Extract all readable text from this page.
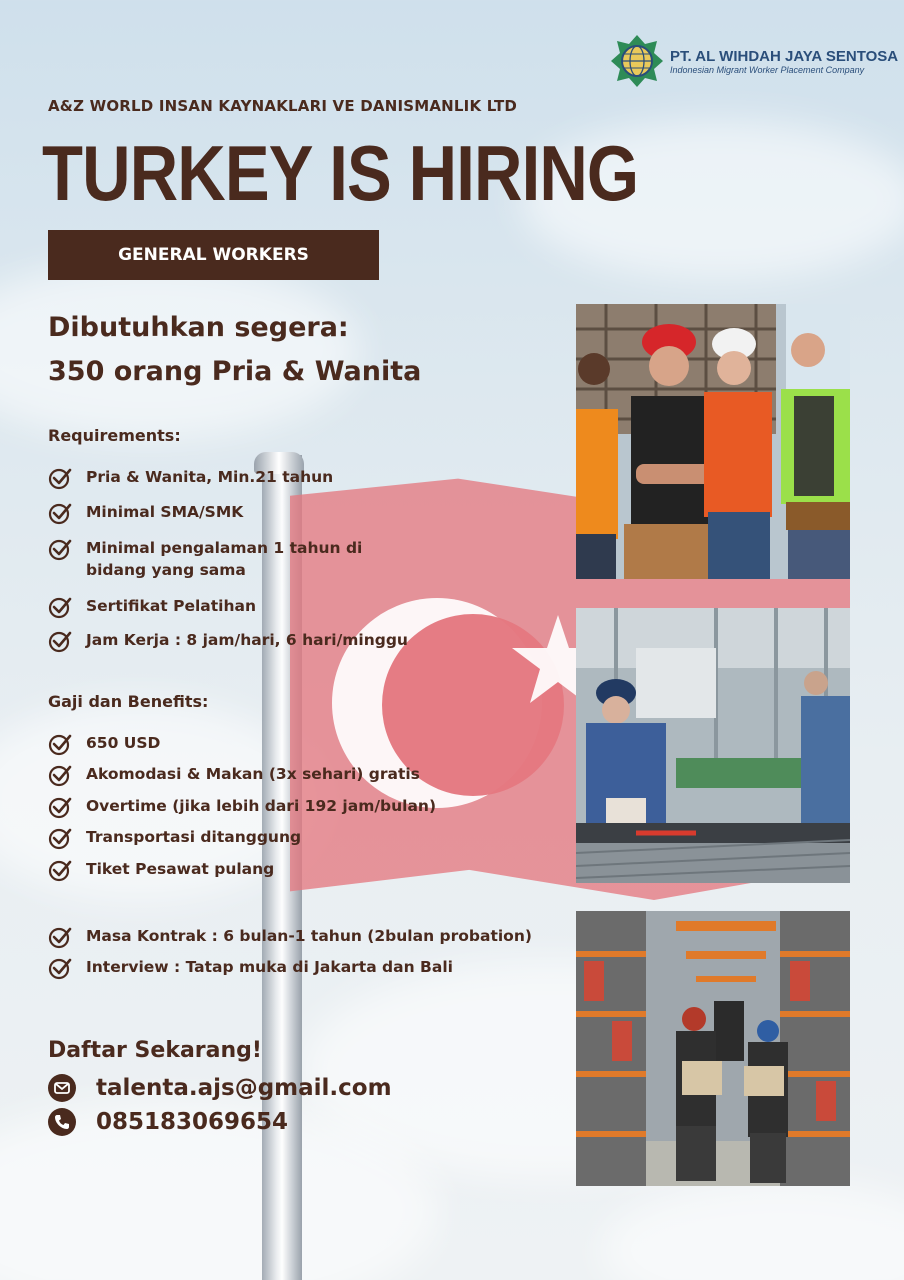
PT. AL WIHDAH JAYA SENTOSA
Indonesian Migrant Worker Placement Company
A&Z WORLD INSAN KAYNAKLARI VE DANISMANLIK LTD
TURKEY IS HIRING
GENERAL WORKERS
Dibutuhkan segera:
350 orang Pria & Wanita
Requirements:
Pria & Wanita, Min.21 tahun
Minimal SMA/SMK
Minimal pengalaman 1 tahun di bidang yang sama
Sertifikat Pelatihan
Jam Kerja : 8 jam/hari, 6 hari/minggu
Gaji dan Benefits:
650 USD
Akomodasi & Makan (3x sehari) gratis
Overtime (jika lebih dari 192 jam/bulan)
Transportasi ditanggung
Tiket Pesawat pulang
Masa Kontrak : 6 bulan-1 tahun (2bulan probation)
Interview : Tatap muka di Jakarta dan Bali
Daftar Sekarang!
talenta.ajs@gmail.com
085183069654
